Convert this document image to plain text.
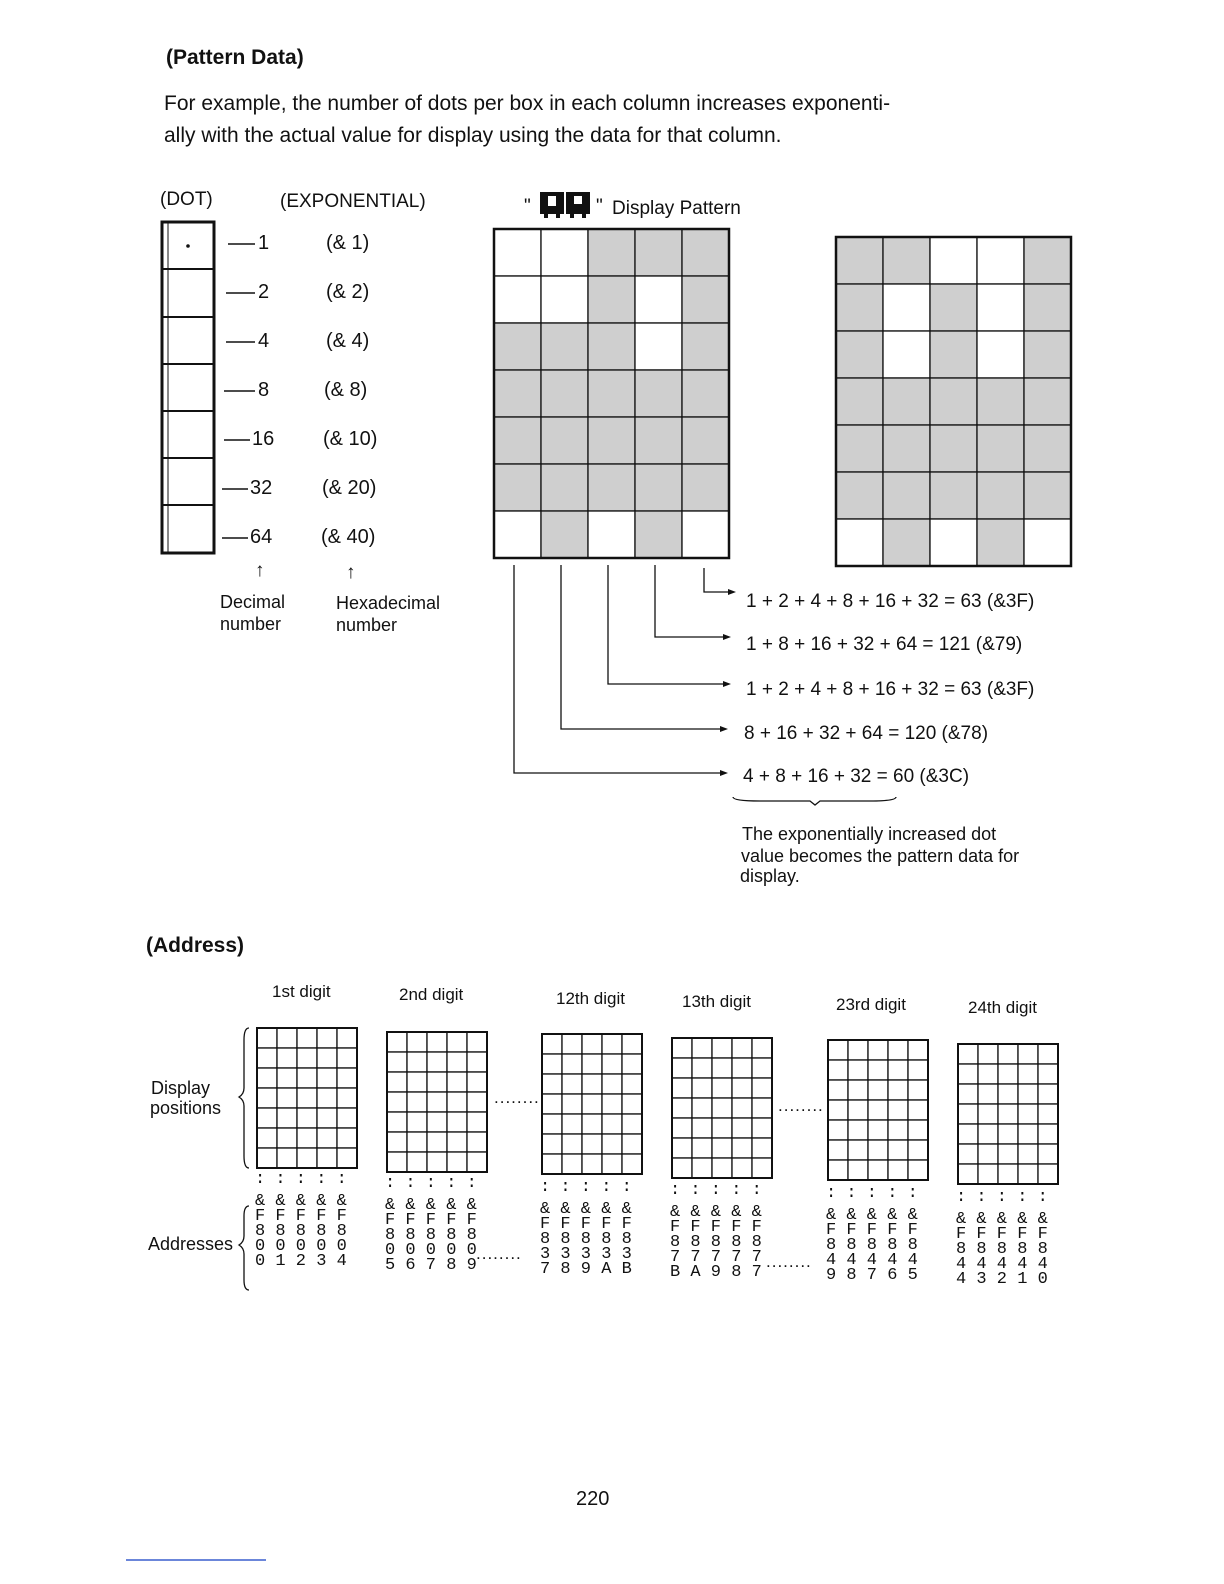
(Pattern Data)
For example, the number of dots per box in each column increases exponenti-
ally with the actual value for display using the data for that column.
(DOT)	(EXPONENTIAL)
1	(& 1)
2	(& 2)
4	(& 4)
8	(& 8)
16 (& 10)
32 (& 20)
64 (& 40)
↑	↑
Decimal
number
Hexadecimal
number
"	" Display Pattern
1 + 2 + 4 + 8 + 16 + 32 = 63 (&3F)
1 + 8 + 16 + 32 + 64 = 121 (&79)
1 + 2 + 4 + 8 + 16 + 32 = 63 (&3F)
8 + 16 + 32 + 64 = 120 (&78)
4 + 8 + 16 + 32 = 60 (&3C)
The exponentially increased dot
value becomes the pattern data for
display.
(Address)
Display
positions
Addresses
1st digit
: : : : :
& & & & &
F F F F F
8 8 8 8 8
0 0 0 0 0
0 1 2 3 4
2nd digit
: : : : :
& & & & &
F F F F F
8 8 8 8 8
0 0 0 0 0
5 6 7 8 9
12th digit
: : : : :
& & & & &
F F F F F
8 8 8 8 8
3 3 3 3 3
7 8 9 A B
13th digit
: : : : :
& & & & &
F F F F F
8 8 8 8 8
7 7 7 7 7
B A 9 8 7
23rd digit
: : : : :
& & & & &
F F F F F
8 8 8 8 8
4 4 4 4 4
9 8 7 6 5
24th digit
: : : : :
& & & & &
F F F F F
8 8 8 8 8
4 4 4 4 4
4 3 2 1 0
........	........
........	........
220
